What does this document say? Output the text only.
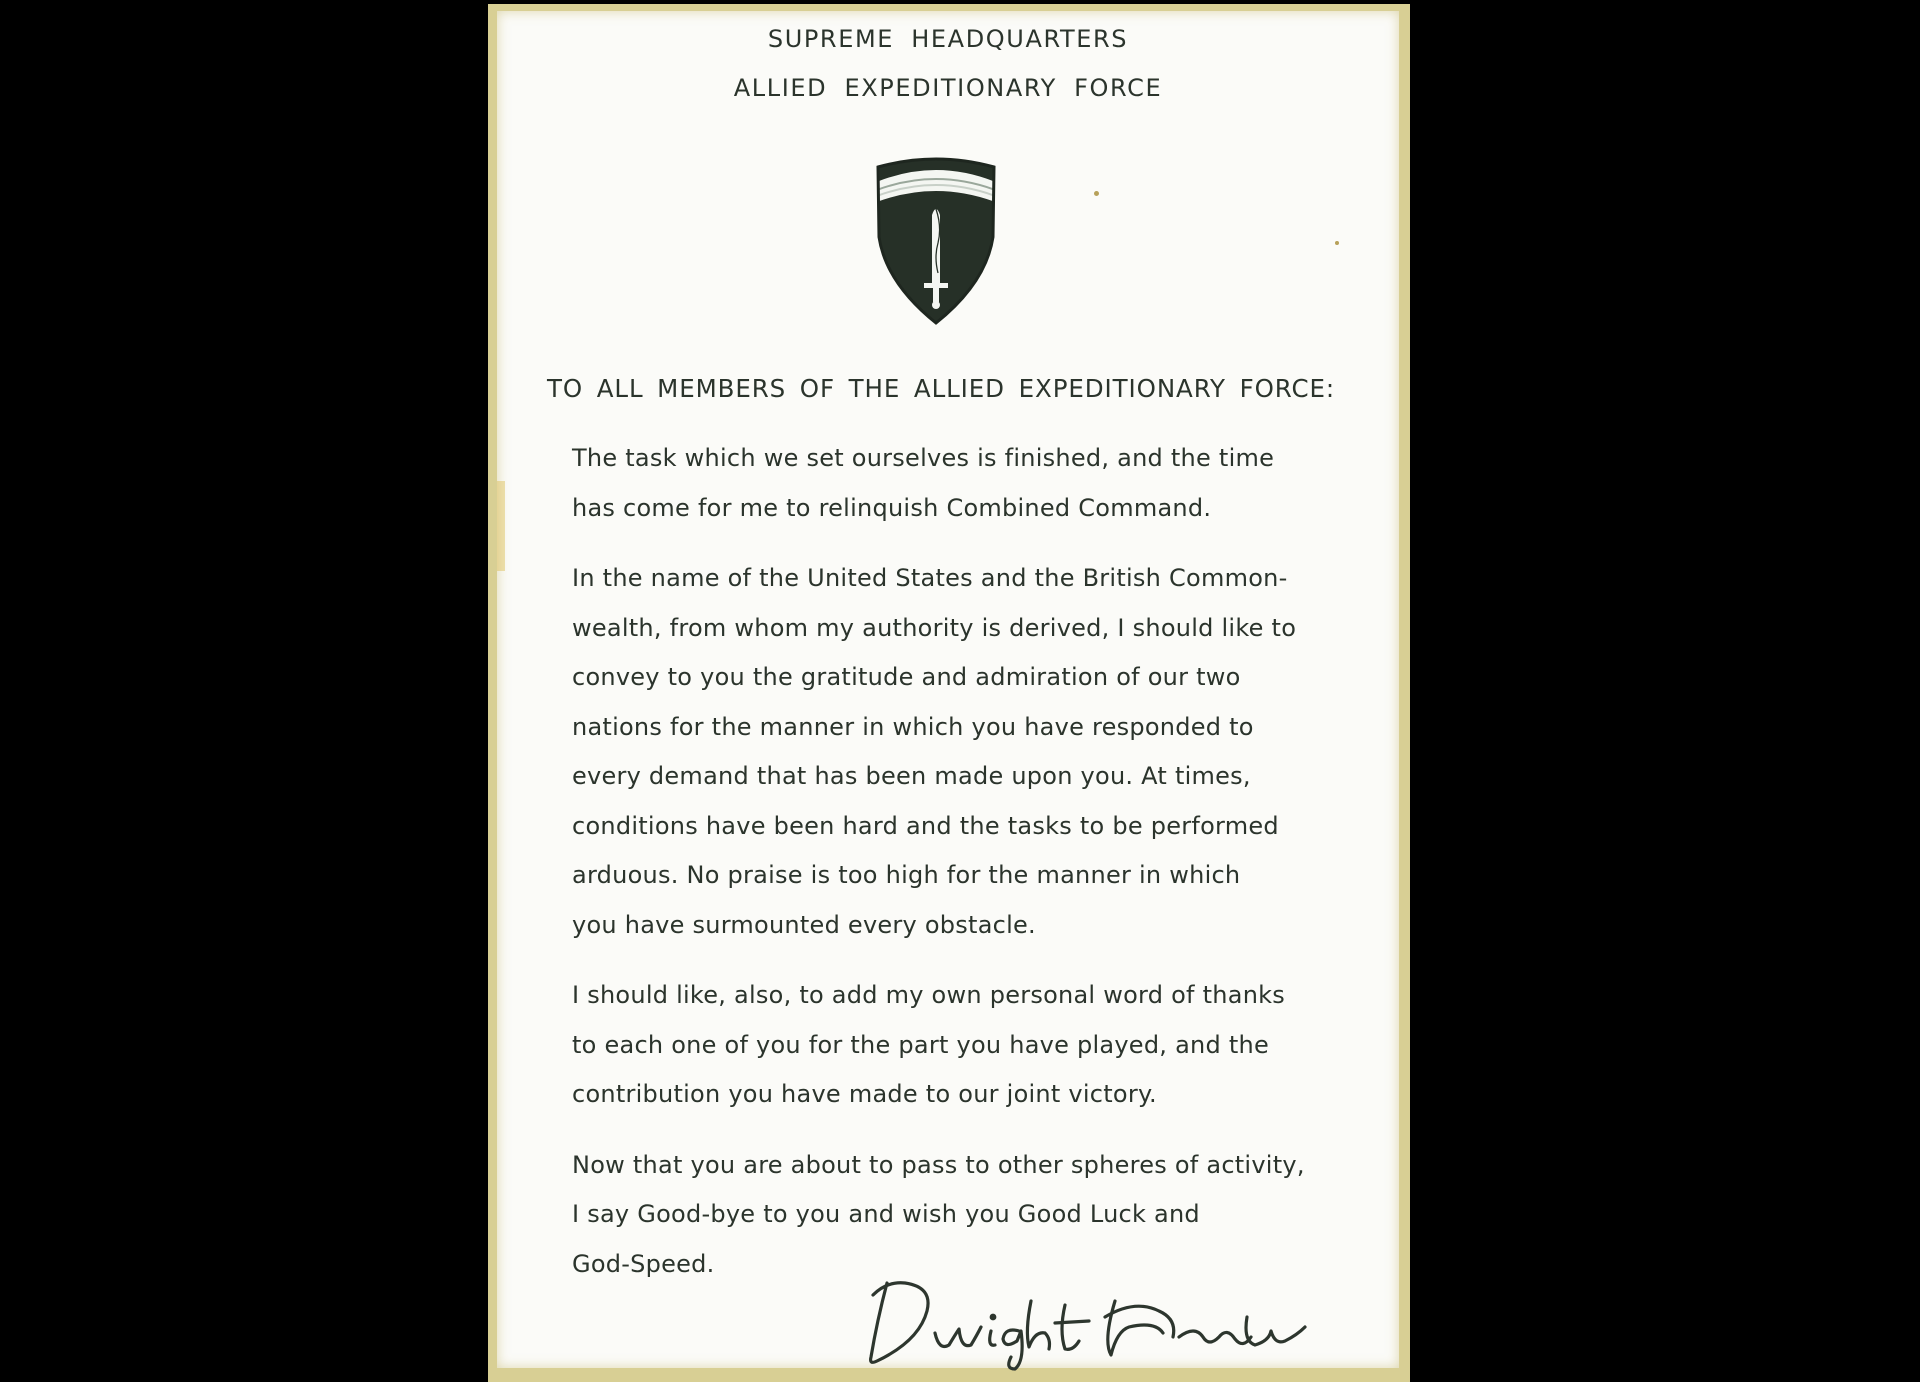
SUPREME HEADQUARTERS
ALLIED EXPEDITIONARY FORCE
TO ALL MEMBERS OF THE ALLIED EXPEDITIONARY FORCE:
The task which we set ourselves is finished, and the time
has come for me to relinquish Combined Command.
In the name of the United States and the British Common-
wealth, from whom my authority is derived, I should like to
convey to you the gratitude and admiration of our two
nations for the manner in which you have responded to
every demand that has been made upon you. At times,
conditions have been hard and the tasks to be performed
arduous. No praise is too high for the manner in which
you have surmounted every obstacle.
I should like, also, to add my own personal word of thanks
to each one of you for the part you have played, and the
contribution you have made to our joint victory.
Now that you are about to pass to other spheres of activity,
I say Good-bye to you and wish you Good Luck and
God-Speed.
